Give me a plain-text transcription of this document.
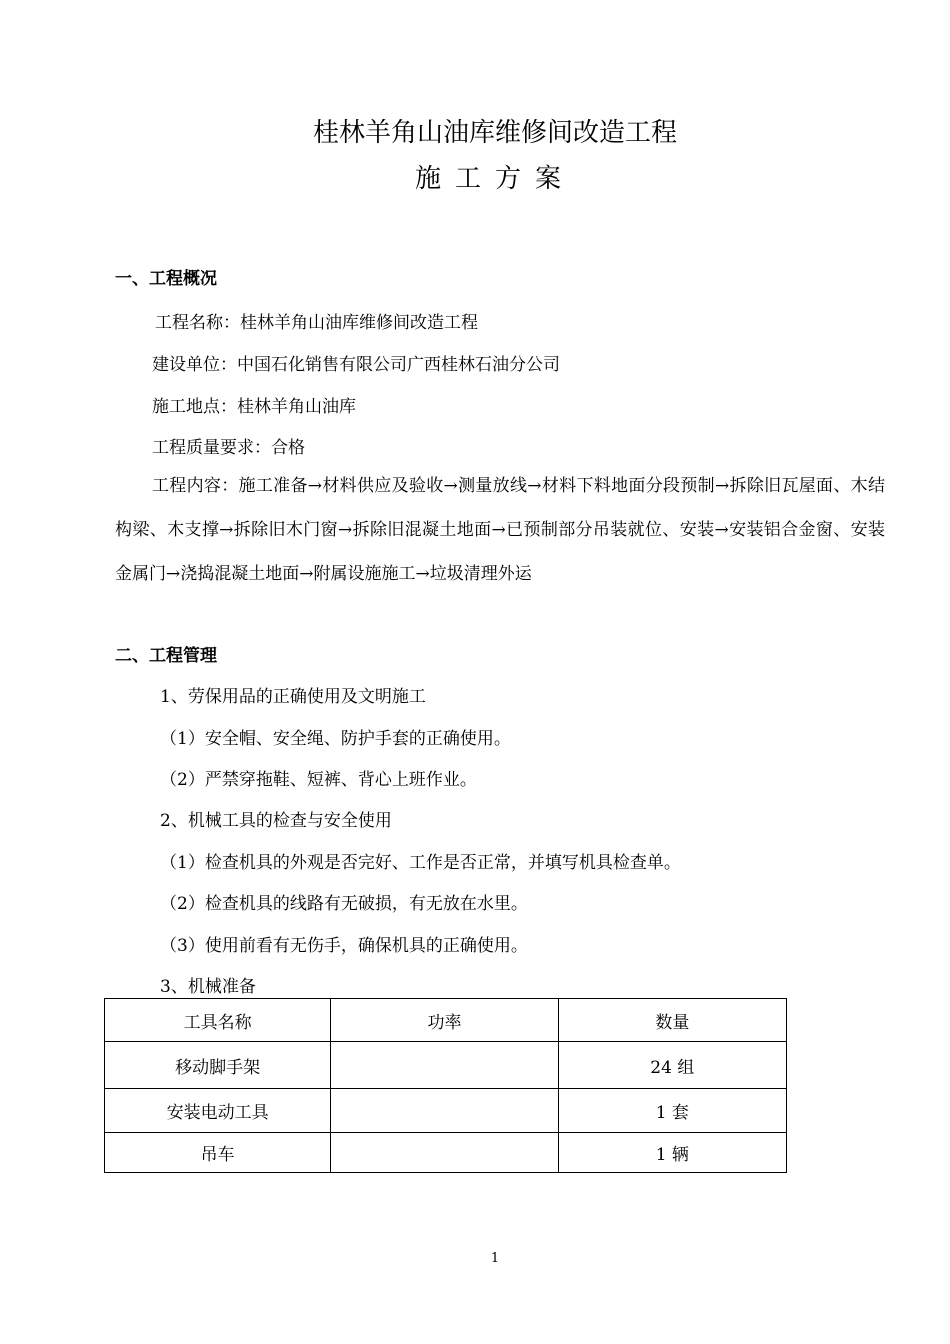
桂林羊角山油库维修间改造工程
施工方案
一、工程概况
工程名称：桂林羊角山油库维修间改造工程
建设单位：中国石化销售有限公司广西桂林石油分公司
施工地点：桂林羊角山油库
工程质量要求：合格
工程内容：施工准备→材料供应及验收→测量放线→材料下料地面分段预制→拆除旧瓦屋面、木结构梁、木支撑→拆除旧木门窗→拆除旧混凝土地面→已预制部分吊装就位、安装→安装铝合金窗、安装金属门→浇捣混凝土地面→附属设施施工→垃圾清理外运
二、工程管理
1、劳保用品的正确使用及文明施工
（1）安全帽、安全绳、防护手套的正确使用。
（2）严禁穿拖鞋、短裤、背心上班作业。
2、机械工具的检查与安全使用
（1）检查机具的外观是否完好、工作是否正常，并填写机具检查单。
（2）检查机具的线路有无破损，有无放在水里。
（3）使用前看有无伤手，确保机具的正确使用。
3、机械准备
工具名称	功率	数量
移动脚手架		24 组
安装电动工具		1 套
吊车		1 辆
1
